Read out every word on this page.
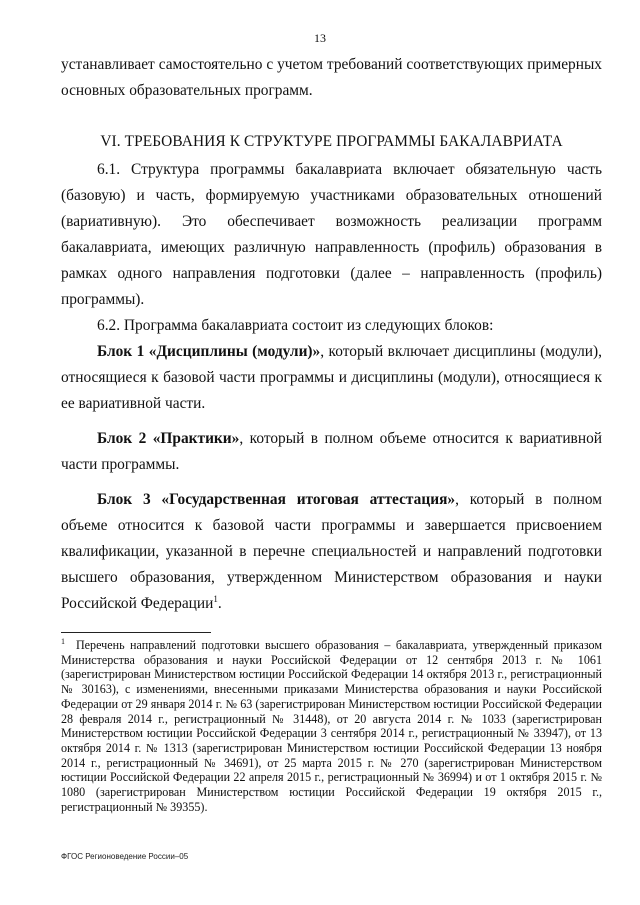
13

устанавливает самостоятельно с учетом требований соответствующих примерных основных образовательных программ.

VI. ТРЕБОВАНИЯ К СТРУКТУРЕ ПРОГРАММЫ БАКАЛАВРИАТА

6.1. Структура программы бакалавриата включает обязательную часть (базовую) и часть, формируемую участниками образовательных отношений (вариативную). Это обеспечивает возможность реализации программ бакалавриата, имеющих различную направленность (профиль) образования в рамках одного направления подготовки (далее – направленность (профиль) программы).

6.2. Программа бакалавриата состоит из следующих блоков:

Блок 1 «Дисциплины (модули)», который включает дисциплины (модули), относящиеся к базовой части программы и дисциплины (модули), относящиеся к ее вариативной части.

Блок 2 «Практики», который в полном объеме относится к вариативной части программы.

Блок 3 «Государственная итоговая аттестация», который в полном объеме относится к базовой части программы и завершается присвоением квалификации, указанной в перечне специальностей и направлений подготовки высшего образования, утвержденном Министерством образования и науки Российской Федерации$^1$.

$^1$ Перечень направлений подготовки высшего образования – бакалавриата, утвержденный приказом Министерства образования и науки Российской Федерации от 12 сентября 2013 г. № 1061 (зарегистрирован Министерством юстиции Российской Федерации 14 октября 2013 г., регистрационный № 30163), с изменениями, внесенными приказами Министерства образования и науки Российской Федерации от 29 января 2014 г. № 63 (зарегистрирован Министерством юстиции Российской Федерации 28 февраля 2014 г., регистрационный № 31448), от 20 августа 2014 г. № 1033 (зарегистрирован Министерством юстиции Российской Федерации 3 сентября 2014 г., регистрационный № 33947), от 13 октября 2014 г. № 1313 (зарегистрирован Министерством юстиции Российской Федерации 13 ноября 2014 г., регистрационный № 34691), от 25 марта 2015 г. № 270 (зарегистрирован Министерством юстиции Российской Федерации 22 апреля 2015 г., регистрационный № 36994) и от 1 октября 2015 г. № 1080 (зарегистрирован Министерством юстиции Российской Федерации 19 октября 2015 г., регистрационный № 39355).
ФГОС Регионоведение России–05
